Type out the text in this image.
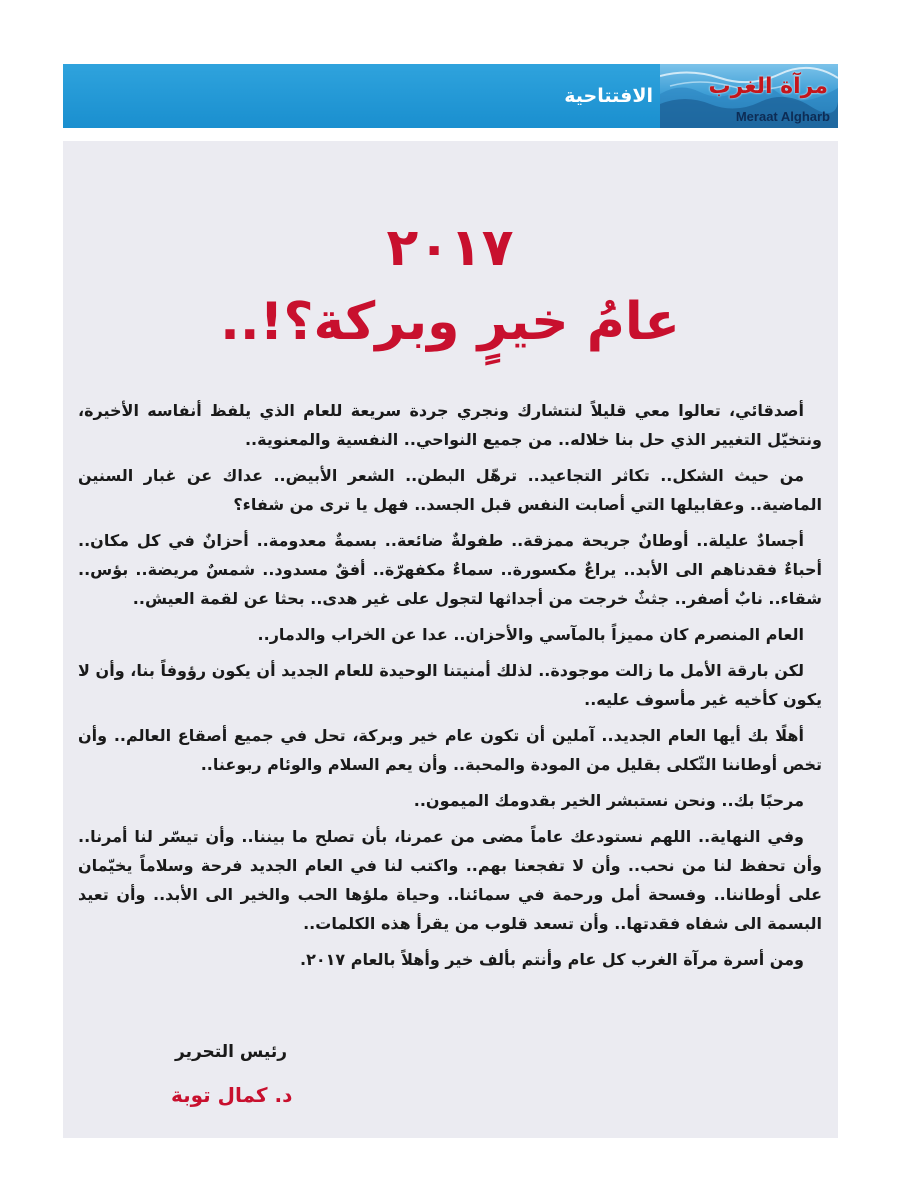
الافتتاحية	مرآة الغرب
Meraat Algharb
٢٠١٧
عامُ خيرٍ وبركة؟!..

أصدقائي، تعالوا معي قليلاً لنتشارك ونجري جردة سريعة للعام الذي يلفظ أنفاسه الأخيرة، ونتخيّل التغيير الذي حل بنا خلاله.. من جميع النواحي.. النفسية والمعنوية..

من حيث الشكل.. تكاثر التجاعيد.. ترهّل البطن.. الشعر الأبيض.. عداك عن غبار السنين الماضية.. وعقابيلها التي أصابت النفس قبل الجسد.. فهل يا ترى من شفاء؟

أجسادٌ عليلة.. أوطانٌ جريحة ممزقة.. طفولةٌ ضائعة.. بسمةٌ معدومة.. أحزانٌ في كل مكان.. أحباءٌ فقدناهم الى الأبد.. يراعٌ مكسورة.. سماءٌ مكفهرّة.. أفقٌ مسدود.. شمسٌ مريضة.. بؤس.. شقاء.. نابٌ أصفر.. جثثٌ خرجت من أجداثها لتجول على غير هدى.. بحثا عن لقمة العيش..

العام المنصرم كان مميزاً بالمآسي والأحزان.. عدا عن الخراب والدمار..

لكن بارقة الأمل ما زالت موجودة.. لذلك أمنيتنا الوحيدة للعام الجديد أن يكون رؤوفاً بنا، وأن لا يكون كأخيه غير مأسوف عليه..

أهلًا بك أيها العام الجديد.. آملين أن تكون عام خير وبركة، تحل في جميع أصقاع العالم.. وأن تخص أوطاننا الثّكلى بقليل من المودة والمحبة.. وأن يعم السلام والوئام ربوعنا..

مرحبًا بك.. ونحن نستبشر الخير بقدومك الميمون..

وفي النهاية.. اللهم نستودعك عاماً مضى من عمرنا، بأن تصلح ما بيننا.. وأن تيسّر لنا أمرنا.. وأن تحفظ لنا من نحب.. وأن لا تفجعنا بهم.. واكتب لنا في العام الجديد فرحة وسلاماً يخيّمان على أوطاننا.. وفسحة أمل ورحمة في سمائنا.. وحياة ملؤها الحب والخير الى الأبد.. وأن تعيد البسمة الى شفاه فقدتها.. وأن تسعد قلوب من يقرأ هذه الكلمات..

ومن أسرة مرآة الغرب كل عام وأنتم بألف خير وأهلاً بالعام ٢٠١٧.

رئيس التحرير
د. كمال توبة
